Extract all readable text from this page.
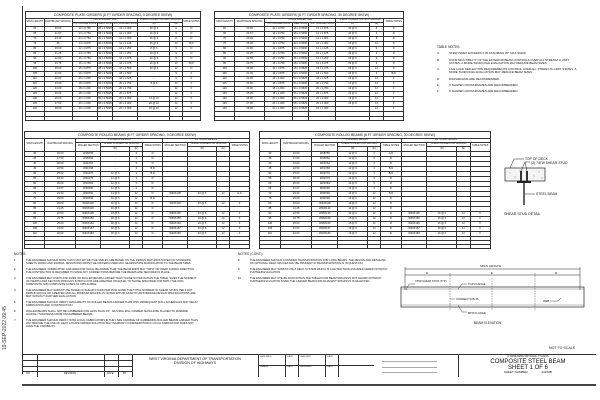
19-SEP-2022 09:45
COMPOSITE PLATE GIRDERS (8 FT GIRDER SPACING, 0 DEGREE SKEW)							
SPAN LENGTH	DIAPHRAGM SPACING	PLATE GIRDER SIZE			SHEAR CONNECTOR MAX SPACING		TABLE NOTES
		TOP FLANGE PLATE	WEB PLATE	BOT FLANGE PLATE			
					(D)	(E)	
60	20.00	12 x 0.750	36 x 0.5000	12 x 1.000	16 @ 6	6	D
65	21.67	14 x 0.750	38 x 0.5000	14 x 1.000	16 @ 6	6	D
70	23.33	14 x 0.750	40 x 0.5000	14 x 1.000	16 @ 6	8	D
75	25	14 x 0.875	40 x 0.5000	14 x 1.125	16 @ 6	12	B,D
80	20.00	12 x 0.875	44 x 0.5000	14 x 1.250	8 @ 6	9	D
85	21.25	14 x 0.750	46 x 0.5000	14 x 1.250	10 @ 6	9	D
90	22.50	16 x 0.750	46 x 0.5000	16 x 1.375	10 @ 6	9	D
95	23.75	16 x 0.750	48 x 0.5000	16 x 1.375	10 @ 6	12	B,D
100	25.00	16 x 0.875	48 x 0.5625	16 x 1.500	10 @ 6	12	D
105	21.00	16 x 0.875	50 x 0.5000	18 x 1.500	-	9	F
110	22.00	16 x 1.000	50 x 0.5625	18 x 1.625	-	9	F
115	23.00	18 x 0.875	54 x 0.5000	20 x 1.750	8 @ 6	12	F
120	24.00	18 x 1.000	54 x 0.5625	20 x 1.750	-	12	F
125	25.00	18 x 1.000	56 x 0.5625	20 x 1.875	-	12	F
130	26.00	20 x 1.000	56 x 0.5625	20 x 2.000	16 @ 10	12	F
135	27.00	20 x 1.000	58 x 0.5625	20 x 2.000	20 @ 10	12	F
140	28.00	20 x 1.000	60 x 0.5625	22 x 2.000	20 @ 10	12	F

COMPOSITE PLATE GIRDERS (8 FT GIRDER SPACING, 30 DEGREE SKEW)							
SPAN LENGTH	DIAPHRAGM SPACING	PLATE GIRDER SIZE			SHEAR CONNECTOR MAX SPACING		TABLE NOTES
		TOP FLANGE PLATE	WEB PLATE	BOT FLANGE PLATE			
					(D)	(E)	
60	20.00	12 x 0.750	36 x 0.5000	12 x 0.875	40 @ 6	6	D
65	21.67	14 x 0.750	38 x 0.5000	14 x 0.875	40 @ 6	6	D
70	23.33	14 x 0.750	40 x 0.5000	14 x 1.000	40 @ 6	8	D
75	25.00	14 x 0.750	40 x 0.5000	16 x 1.000	40 @ 6	12	D
80	20.00	12 x 0.875	44 x 0.5000	14 x 1.125	36 @ 6	9	D
85	21.25	14 x 0.750	46 x 0.5000	16 x 1.125	36 @ 6	9	D
90	22.50	16 x 0.750	46 x 0.5000	16 x 1.250	36 @ 6	9	D
95	23.75	16 x 0.750	48 x 0.5000	16 x 1.375	36 @ 6	9	D
100	25.00	16 x 0.875	48 x 0.5625	18 x 1.375	36 @ 6	12	D
105	21.00	16 x 0.875	50 x 0.5000	18 x 1.500	36 @ 6	9	B,D
110	22.00	16 x 1.000	50 x 0.5625	18 x 1.625	16 @ 6	12	F
115	23.00	18 x 0.875	54 x 0.5000	20 x 1.750	16 @ 6	12	F
120	24.00	18 x 1.000	54 x 0.5625	20 x 1.750	16 @ 6	12	F
125	25.00	18 x 1.000	56 x 0.5625	20 x 1.875	16 @ 6	12	F
130	26.00	20 x 1.000	56 x 0.5625	20 x 2.000	16 @ 6	12	F
135	27.00	20 x 1.000	58 x 0.5625	20 x 2.000	16 @ 6	12	F
140	28.00	20 x 1.000	60 x 0.5625	22 x 2.000	-	12	F

TABLE NOTES:
A.	SKEW INDEX EXCEEDS 0.30 ASSUMING 30° MAX SKEW
B.	CONSTRUCTIBILITY OF THE EXTERIOR BEAM CONTROLS OVER ALL STRENGTH LIMIT STATES. A MORE THOROUGH EVALUATION MAY REDUCE BEAM SIZES.
C.	LIVE LOAD DEFLECTION REQUIREMENTS CONTROL OVER ALL STRENGTH LIMIT STATES. A MORE THOROUGH EVALUATION MAY REDUCE BEAM SIZES.
D.	DIAPHRAGMS ARE RECOMMENDED.
E.	X SHAPED CROSSFRAMES ARE RECOMMENDED.
F.	K SHAPED CROSSFRAMES ARE RECOMMENDED.
COMPOSITE ROLLED BEAMS (8 FT GIRDER SPACING, 0 DEGREE SKEW)									
SPAN LENGTH	DIAPHRAGM SPACING	STANDARD DESIGN				OPTIONAL DESIGN			
		ROLLED SECTION	SHEAR CONNECTOR SPACING		TABLE NOTES	ROLLED SECTION	SHEAR CONNECTOR SPACING		TABLE NOTES
			(D)	(E)			(D)	(E)	
30	15.00	W18X55	-	3	D				
35	17.50	W18X60	-	3	D				
40	20.00	W21X62	-	3	D				
45	22.50	W21X68	-	3	B,D				
50	25.00	W24X76	12 @ 6	3	B,D				
55	18.33	W24X76	12 @ 6	3	D				
60	20.00	W24X84	12 @ 6	3	D				
65	21.67	W30X90	14 @ 6	3	D				
70	23.33	W30X90	14 @ 6	12	D	W30X108	16 @ 6	12	E,F
75	25.00	W30X99	16 @ 6	12	B,D				
80	20.00	W33X118	16 @ 6	12	D	W33X118	16 @ 6	12	F
85	21.25	W33X130	16 @ 6	12	D				
90	22.50	W36X135	16 @ 6	12	D	W36X135	16 @ 6	12	F
95	23.75	W36X150	18 @ 6	12	D	W36X150	16 @ 6	12	F
100	25.00	W36X160	18 @ 6	12	D	W40X149	16 @ 6	12	F
105	21.00	W40X167	18 @ 6	12	D	W40X167	16 @ 6	12	F
110	22.00	W40X183	18 @ 6	12	D	W40X183	16 @ 6	12	F

COMPOSITE ROLLED BEAMS (8 FT GIRDER SPACING, 30 DEGREE SKEW)									
SPAN LENGTH	DIAPHRAGM SPACING	STANDARD DESIGN				OPTIONAL DESIGN			
		ROLLED SECTION	SHEAR CONNECTOR SPACING		TABLE NOTES	ROLLED SECTION	SHEAR CONNECTOR SPACING		TABLE NOTES
			(D)	(E)			(D)	(E)	
30	15.00	W18X55	12 @ 6	3	A,D				
35	17.50	W18X60	12 @ 6	3	D				
40	20.00	W21X62	12 @ 6	3	D				
45	22.50	W21X68	12 @ 6	3	B,D				
50	25.00	W24X76	12 @ 6	3	B,D				
55	18.33	W24X76	14 @ 6	3	D				
60	20.00	W24X84	14 @ 6	3	D				
65	21.67	W30X90	14 @ 6	3	D				
70	23.33	W30X90	14 @ 6	12	B,D				
75	25.00	W30X99	14 @ 6	12	D				
80	20.00	W33X118	14 @ 6	12	D				
85	21.25	W33X130	14 @ 6	12	D				
90	22.50	W36X135	14 @ 6	12	D	W36X135	16 @ 6	12	F
95	23.75	W36X150	16 @ 6	12	D	W36X150	16 @ 6	12	F
100	25.00	W36X160	16 @ 6	12	D	W40X149	16 @ 6	12	F
105	21.00	W40X167	16 @ 6	12	D	W40X167	16 @ 6	12	F
110	22.00	W40X183	16 @ 6	12	D	W40X183	16 @ 6	12	F

TOP OF DECK
(2) 7/8"Ø SHEAR STUD
STEEL BEAM
SHEAR STUD DETAIL
NOTES:
1.	THE ENGINEER SHOULD NOTE THAT DATA WITHIN THE TABLES ARE BASED ON THE DESIGN METHODS NOTED ON STANDARD SHEETS 332003 AND 332003A. DEVIATIONS FROM THE CRITERIA USED MAY NECESSITATE MODIFICATION TO THE BEAM SIZES.
2.	THE ENGINEER, FABRICATOR, AND ERECTOR SHALL BE AWARE THAT THE BEAM ENDS MAY TWIST OR WARP DURING ERECTION. THE CONTRACTOR IS REQUIRED TO MAKE ANY CORRECTIONS BEFORE THE BEAMS ARE SECURED IN PLACE.
3.	THE ENGINEER MAY USE PLATE SIZES OR ROLLED BEAMS LARGER THAN THOSE NOTED WITHIN THE TABLE. SIZES THE MOMENT OF INERTIA AND SECTION MODULUS IN BOTH AXIS ARE GREATER OR EQUAL TO THOSE SPECIFIED FOR BOTH THE NON-COMPOSITE AND COMPOSITE CASES AS APPLICABLE.
4.	THE ENGINEER MAY SUBSTITUTE THREE (3) SHEAR STUDS PER ROW GIVEN THE TOTAL NUMBER OF SHEAR STUDS PER FOOT REMAIN EQUAL OR GREATER AND ALL MINIMUM SPACING IS NOTED WITHIN AASHTO LRFD BRIDGE DESIGN SPECIFICATIONS ARE MET WITHOUT FURTHER EVALUATION.
5.	THE ENGINEER SHOULD VERIFY AVAILABILITY OF ROLLED BEAMS LARGER THAN W36. INFREQUENT ROLL SCHEDULES MAY DELAY FABRICATION AND CONSTRUCTION.
6.	ROLLED BEAMS SHALL NOT BE CAMBERED FOR LESS THAN 3/4". NATURAL MILL CAMBER SHOULD BE PLACED TO MINIMIZE HAUNCH THICKNESS FROM UNCAMBERED BEAMS.
7.	THE ENGINEER SHOULD VERIFY WITH LOCAL FABRICATORS IF THEY ARE CAPABLE OF CAMBERING ROLLED BEAMS LARGER THAN W27 BEFORE THE USE OF HEAT. A PLATE GIRDER SOLUTION MAY WARRANT CONSIDERATION IF LOCAL FABRICATOR DOES NOT HAVE THE CAPABILITY.
NOTES (CONT.):
8.	THE ENGINEER SHOULD CONSIDER TRANSPORTATION FOR LONG BEAMS. THE DESIGN AND DETAILING OF OPTIONAL FIELD SPLICES MAY BE PRUDENT IF TRANSPORTATION IS IN QUESTION.
9.	THE ENGINEER MAY SUBSTITUTE A DECK SYSTEM WHICH IS LIGHTER THAN ASSUMED HEREIN WITHOUT FURTHER EVALUATION.
10.	THE ENGINEER MAY UTILIZE DATA WITHIN THE TABLES FOR BEAM SPACINGS NOT SHOWN WITHOUT FURTHER EVALUATION GIVEN THE LARGER BEAM FOR ADJACENT SPACINGS IS SELECTED.
SPAN LENGTH
D	E	D
7/8"Ø SHEAR STUD (TYP)
TOP FLANGE
CONNECTION PL	WEB
BTM FLANGE
BEAM ELEVATION
NOT TO SCALE
NO.	REVISION	DATE	BY
WEST VIRGINIA DEPARTMENT OF TRANSPORTATION
DIVISION OF HIGHWAYS
DESIGNED	DATE	CHECKED	DATE
DRAWN	DATE	REVIEWED	DATE
STANDARD BRIDGE PLANS
COMPOSITE STEEL BEAM
SHEET 1 OF 6
SHEET NUMBER	332008I
